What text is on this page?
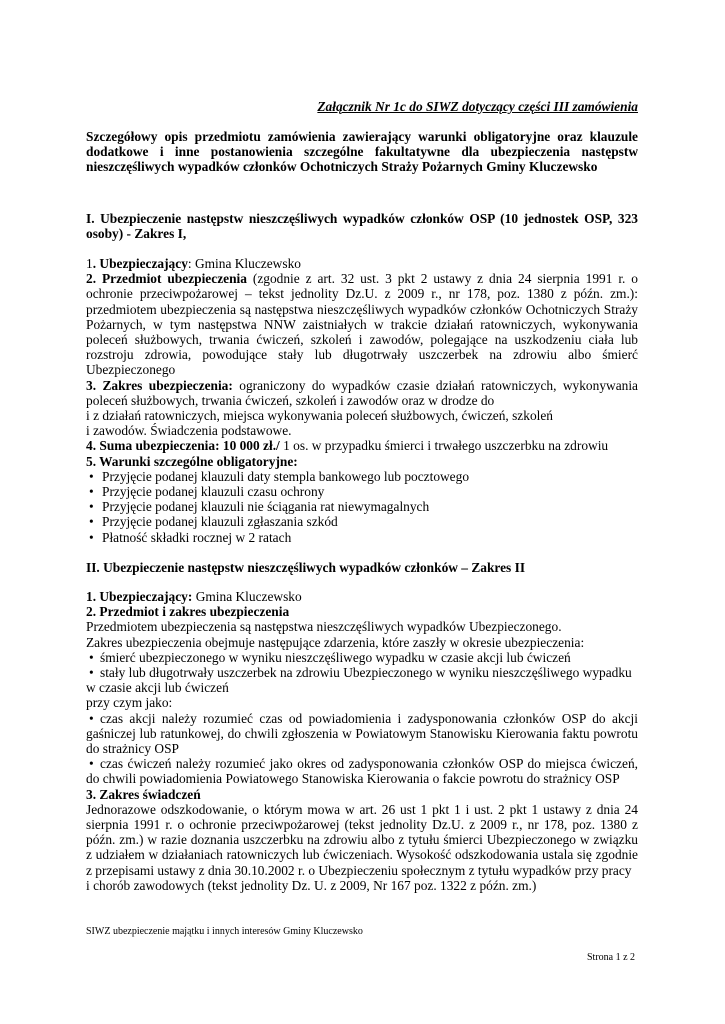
Załącznik Nr 1c do SIWZ dotyczący części III zamówienia
Szczegółowy opis przedmiotu zamówienia zawierający warunki obligatoryjne oraz klauzule
dodatkowe i inne postanowienia szczególne fakultatywne dla ubezpieczenia następstw
nieszczęśliwych wypadków członków Ochotniczych Straży Pożarnych Gminy Kluczewsko
I. Ubezpieczenie następstw nieszczęśliwych wypadków członków OSP (10 jednostek OSP, 323
osoby) - Zakres I,
1. Ubezpieczający: Gmina Kluczewsko
2. Przedmiot ubezpieczenia (zgodnie z art. 32 ust. 3 pkt 2 ustawy z dnia 24 sierpnia 1991 r. o
ochronie przeciwpożarowej – tekst jednolity Dz.U. z 2009 r., nr 178, poz. 1380 z późn. zm.):
przedmiotem ubezpieczenia są następstwa nieszczęśliwych wypadków członków Ochotniczych Straży
Pożarnych, w tym następstwa NNW zaistniałych w trakcie działań ratowniczych, wykonywania
poleceń służbowych, trwania ćwiczeń, szkoleń i zawodów, polegające na uszkodzeniu ciała lub
rozstroju zdrowia, powodujące stały lub długotrwały uszczerbek na zdrowiu albo śmierć
Ubezpieczonego
3. Zakres ubezpieczenia: ograniczony do wypadków czasie działań ratowniczych, wykonywania
poleceń służbowych, trwania ćwiczeń, szkoleń i zawodów oraz w drodze do
i z działań ratowniczych, miejsca wykonywania poleceń służbowych, ćwiczeń, szkoleń
i zawodów. Świadczenia podstawowe.
4. Suma ubezpieczenia: 10 000 zł./ 1 os. w przypadku śmierci i trwałego uszczerbku na zdrowiu
5. Warunki szczególne obligatoryjne:
• Przyjęcie podanej klauzuli daty stempla bankowego lub pocztowego
• Przyjęcie podanej klauzuli czasu ochrony
• Przyjęcie podanej klauzuli nie ściągania rat niewymagalnych
• Przyjęcie podanej klauzuli zgłaszania szkód
• Płatność składki rocznej w 2 ratach
II. Ubezpieczenie następstw nieszczęśliwych wypadków członków – Zakres II
1. Ubezpieczający: Gmina Kluczewsko
2. Przedmiot i zakres ubezpieczenia
Przedmiotem ubezpieczenia są następstwa nieszczęśliwych wypadków Ubezpieczonego.
Zakres ubezpieczenia obejmuje następujące zdarzenia, które zaszły w okresie ubezpieczenia:
• śmierć ubezpieczonego w wyniku nieszczęśliwego wypadku w czasie akcji lub ćwiczeń
• stały lub długotrwały uszczerbek na zdrowiu Ubezpieczonego w wyniku nieszczęśliwego wypadku
w czasie akcji lub ćwiczeń
przy czym jako:
• czas akcji należy rozumieć czas od powiadomienia i zadysponowania członków OSP do akcji
gaśniczej lub ratunkowej, do chwili zgłoszenia w Powiatowym Stanowisku Kierowania faktu powrotu
do strażnicy OSP
• czas ćwiczeń należy rozumieć jako okres od zadysponowania członków OSP do miejsca ćwiczeń,
do chwili powiadomienia Powiatowego Stanowiska Kierowania o fakcie powrotu do strażnicy OSP
3. Zakres świadczeń
Jednorazowe odszkodowanie, o którym mowa w art. 26 ust 1 pkt 1 i ust. 2 pkt 1 ustawy z dnia 24
sierpnia 1991 r. o ochronie przeciwpożarowej (tekst jednolity Dz.U. z 2009 r., nr 178, poz. 1380 z
późn. zm.) w razie doznania uszczerbku na zdrowiu albo z tytułu śmierci Ubezpieczonego w związku
z udziałem w działaniach ratowniczych lub ćwiczeniach. Wysokość odszkodowania ustala się zgodnie
z przepisami ustawy z dnia 30.10.2002 r. o Ubezpieczeniu społecznym z tytułu wypadków przy pracy
i chorób zawodowych (tekst jednolity Dz. U. z 2009, Nr 167 poz. 1322 z późn. zm.)
SIWZ ubezpieczenie majątku i innych interesów Gminy Kluczewsko
Strona 1 z 2
